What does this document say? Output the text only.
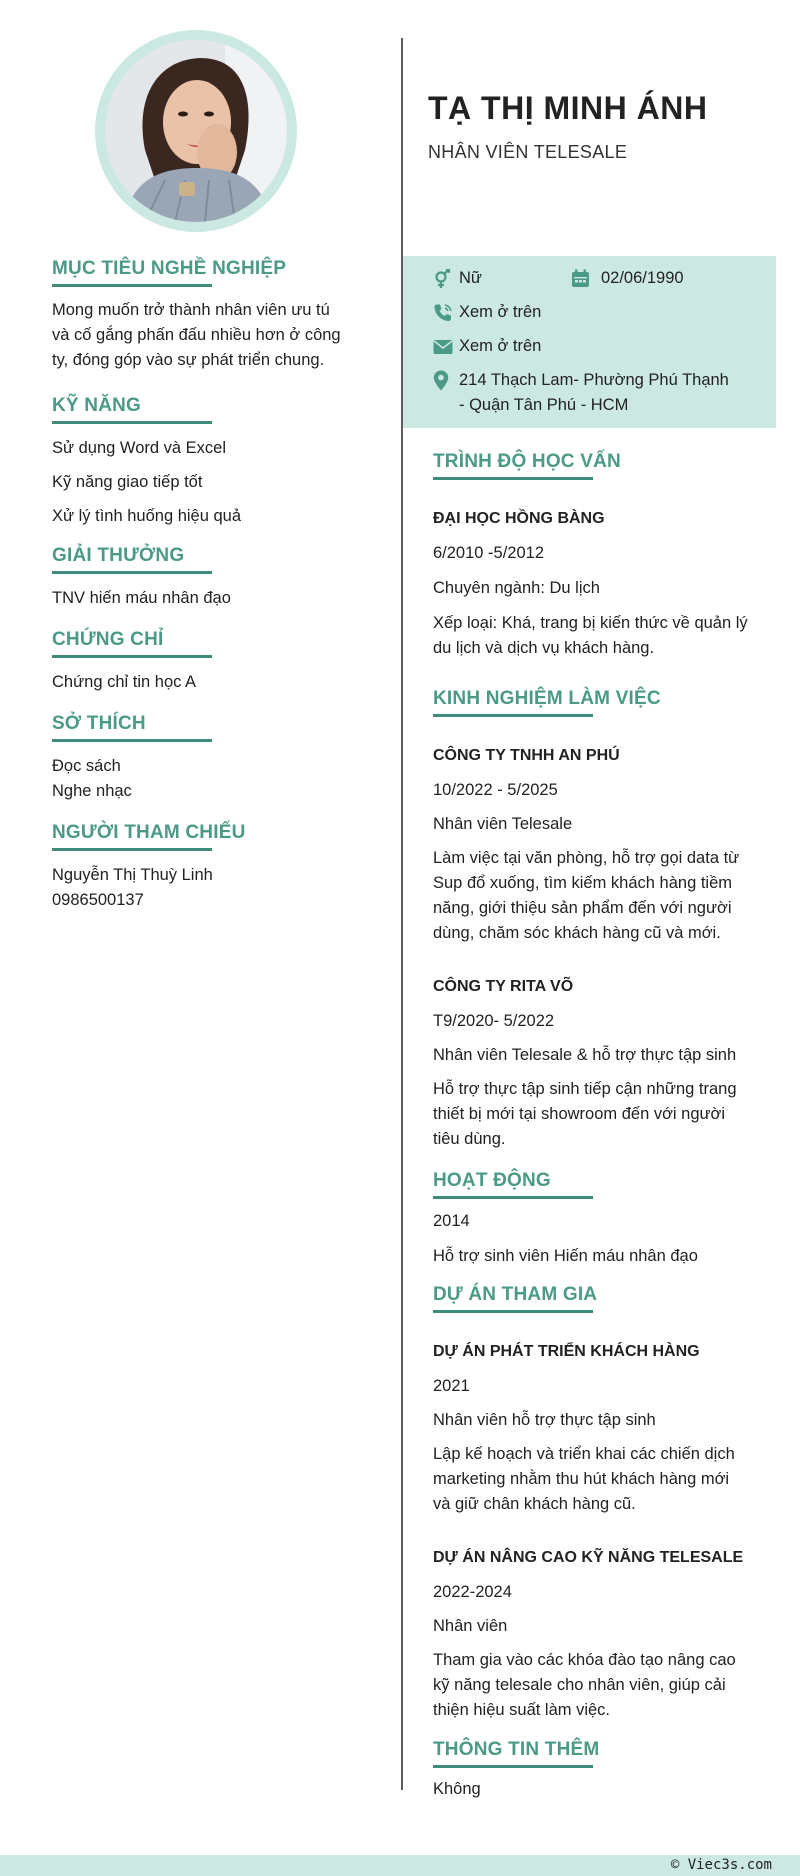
MỤC TIÊU NGHỀ NGHIỆP
Mong muốn trở thành nhân viên ưu tú
và cố gắng phấn đấu nhiều hơn ở công
ty, đóng góp vào sự phát triển chung.
KỸ NĂNG
Sử dụng Word và Excel
Kỹ năng giao tiếp tốt
Xử lý tình huống hiệu quả
GIẢI THƯỞNG
TNV hiến máu nhân đạo
CHỨNG CHỈ
Chứng chỉ tin học A
SỞ THÍCH
Đọc sách
Nghe nhạc
NGƯỜI THAM CHIẾU
Nguyễn Thị Thuỳ Linh
0986500137
TẠ THỊ MINH ÁNH
NHÂN VIÊN TELESALE
Nữ	02/06/1990
Xem ở trên
Xem ở trên
214 Thạch Lam- Phường Phú Thạnh
- Quận Tân Phú - HCM
TRÌNH ĐỘ HỌC VẤN
ĐẠI HỌC HỒNG BÀNG
6/2010 -5/2012
Chuyên ngành: Du lịch
Xếp loại: Khá, trang bị kiến thức về quản lý
du lịch và dịch vụ khách hàng.
KINH NGHIỆM LÀM VIỆC
CÔNG TY TNHH AN PHÚ
10/2022 - 5/2025
Nhân viên Telesale
Làm việc tại văn phòng, hỗ trợ gọi data từ
Sup đổ xuống, tìm kiếm khách hàng tiềm
năng, giới thiệu sản phẩm đến với người
dùng, chăm sóc khách hàng cũ và mới.
CÔNG TY RITA VÕ
T9/2020- 5/2022
Nhân viên Telesale & hỗ trợ thực tập sinh
Hỗ trợ thực tập sinh tiếp cận những trang
thiết bị mới tại showroom đến với người
tiêu dùng.
HOẠT ĐỘNG
2014
Hỗ trợ sinh viên Hiến máu nhân đạo
DỰ ÁN THAM GIA
DỰ ÁN PHÁT TRIỂN KHÁCH HÀNG
2021
Nhân viên hỗ trợ thực tập sinh
Lập kế hoạch và triển khai các chiến dịch
marketing nhằm thu hút khách hàng mới
và giữ chân khách hàng cũ.
DỰ ÁN NÂNG CAO KỸ NĂNG TELESALE
2022-2024
Nhân viên
Tham gia vào các khóa đào tạo nâng cao
kỹ năng telesale cho nhân viên, giúp cải
thiện hiệu suất làm việc.
THÔNG TIN THÊM
Không
© Viec3s.com
